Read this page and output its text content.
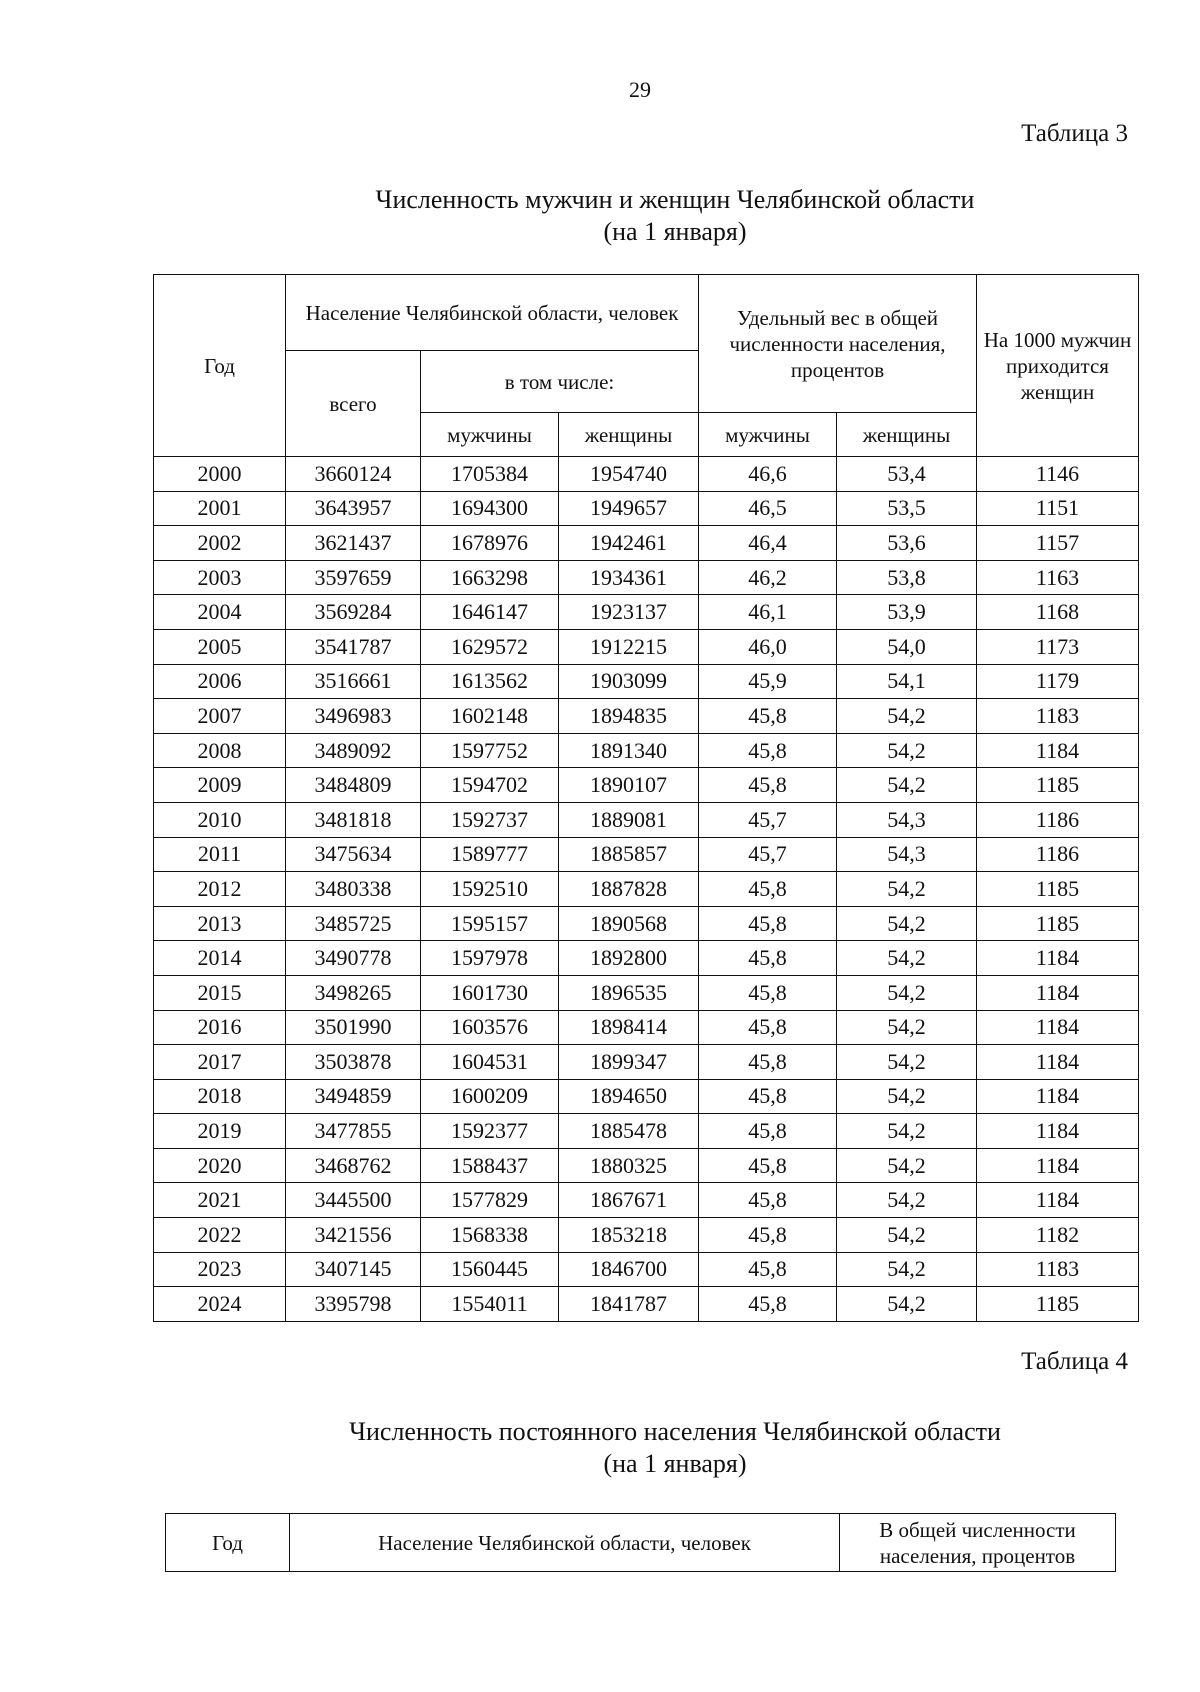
29
Таблица 3
Численность мужчин и женщин Челябинской области
(на 1 января)
Год	Население Челябинской области, человек			Удельный вес в общей численности населения, процентов		На 1000 мужчин приходится женщин
	всего	в том числе:				
		мужчины	женщины	мужчины	женщины	
2000	3660124	1705384	1954740	46,6	53,4	1146
2001	3643957	1694300	1949657	46,5	53,5	1151
2002	3621437	1678976	1942461	46,4	53,6	1157
2003	3597659	1663298	1934361	46,2	53,8	1163
2004	3569284	1646147	1923137	46,1	53,9	1168
2005	3541787	1629572	1912215	46,0	54,0	1173
2006	3516661	1613562	1903099	45,9	54,1	1179
2007	3496983	1602148	1894835	45,8	54,2	1183
2008	3489092	1597752	1891340	45,8	54,2	1184
2009	3484809	1594702	1890107	45,8	54,2	1185
2010	3481818	1592737	1889081	45,7	54,3	1186
2011	3475634	1589777	1885857	45,7	54,3	1186
2012	3480338	1592510	1887828	45,8	54,2	1185
2013	3485725	1595157	1890568	45,8	54,2	1185
2014	3490778	1597978	1892800	45,8	54,2	1184
2015	3498265	1601730	1896535	45,8	54,2	1184
2016	3501990	1603576	1898414	45,8	54,2	1184
2017	3503878	1604531	1899347	45,8	54,2	1184
2018	3494859	1600209	1894650	45,8	54,2	1184
2019	3477855	1592377	1885478	45,8	54,2	1184
2020	3468762	1588437	1880325	45,8	54,2	1184
2021	3445500	1577829	1867671	45,8	54,2	1184
2022	3421556	1568338	1853218	45,8	54,2	1182
2023	3407145	1560445	1846700	45,8	54,2	1183
2024	3395798	1554011	1841787	45,8	54,2	1185
Таблица 4
Численность постоянного населения Челябинской области
(на 1 января)
Год	Население Челябинской области, человек	В общей численности населения, процентов
